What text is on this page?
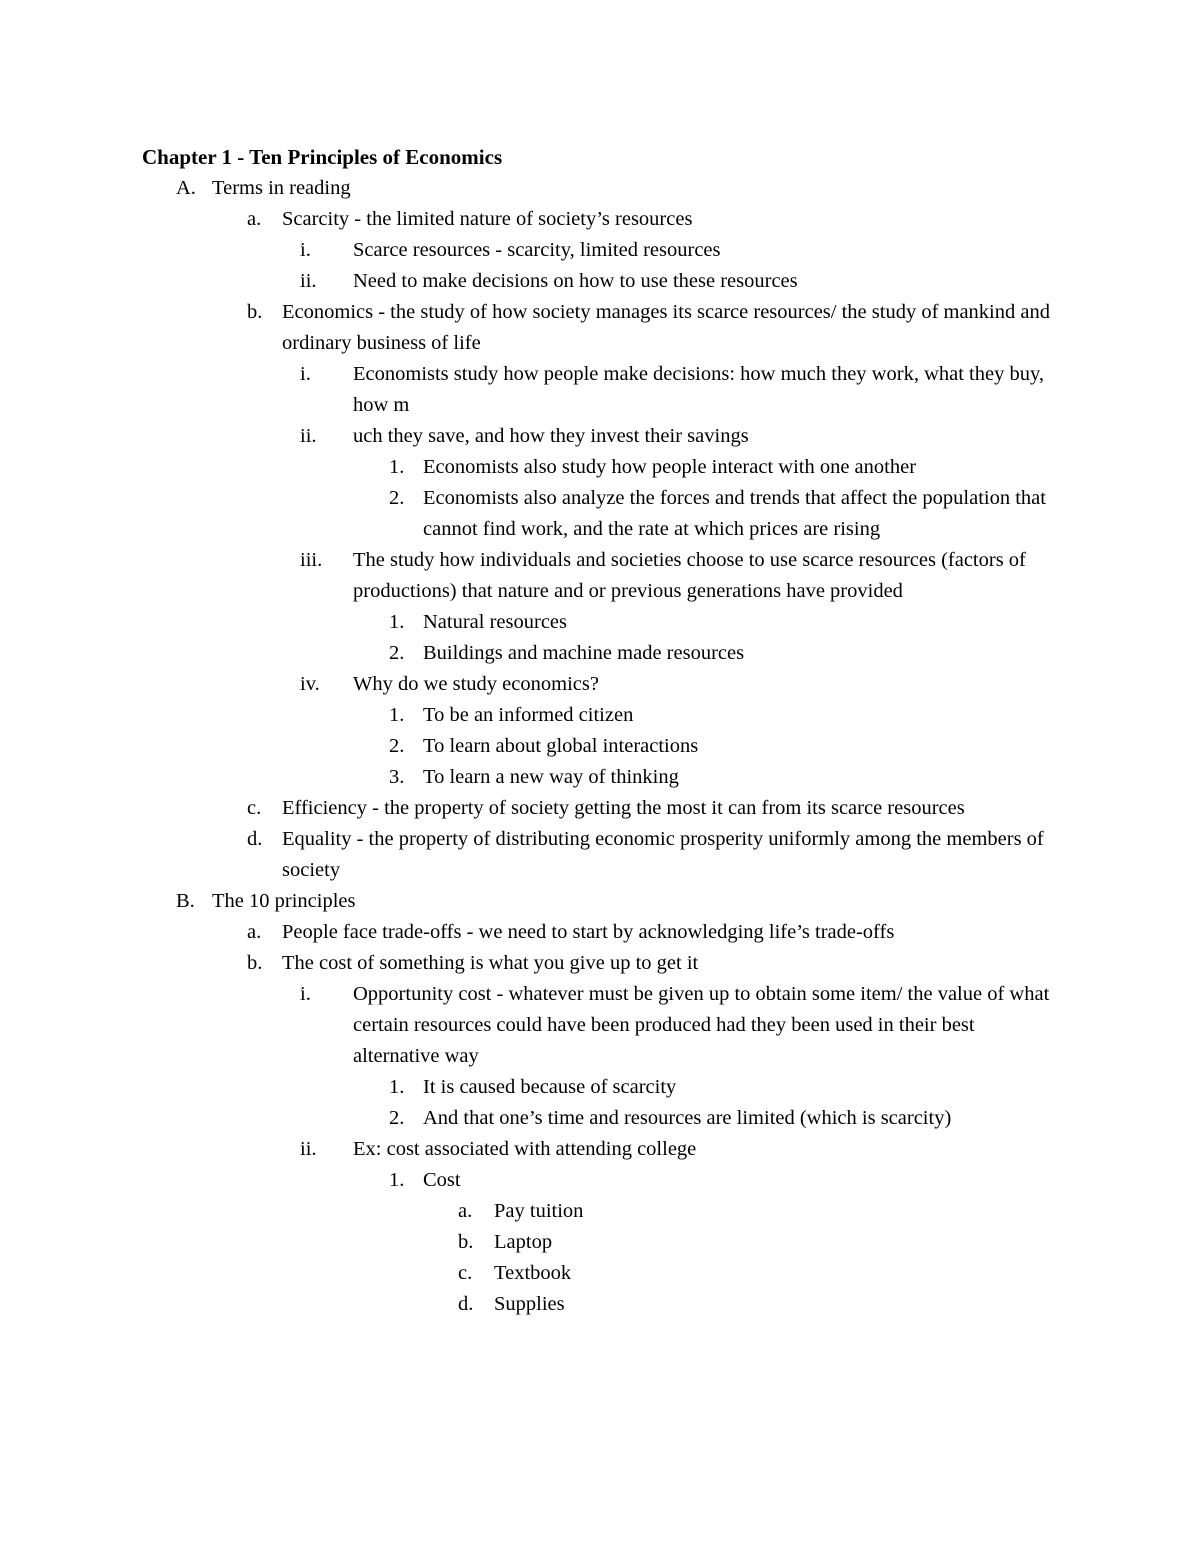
Chapter 1 - Ten Principles of Economics
A. Terms in reading
a. Scarcity - the limited nature of society’s resources
i. Scarce resources - scarcity, limited resources
ii. Need to make decisions on how to use these resources
b. Economics - the study of how society manages its scarce resources/ the study of mankind and ordinary business of life
i. Economists study how people make decisions: how much they work, what they buy, how m
ii. uch they save, and how they invest their savings
1. Economists also study how people interact with one another
2. Economists also analyze the forces and trends that affect the population that cannot find work, and the rate at which prices are rising
iii. The study how individuals and societies choose to use scarce resources (factors of productions) that nature and or previous generations have provided
1. Natural resources
2. Buildings and machine made resources
iv. Why do we study economics?
1. To be an informed citizen
2. To learn about global interactions
3. To learn a new way of thinking
c. Efficiency - the property of society getting the most it can from its scarce resources
d. Equality - the property of distributing economic prosperity uniformly among the members of society
B. The 10 principles
a. People face trade-offs - we need to start by acknowledging life’s trade-offs
b. The cost of something is what you give up to get it
i. Opportunity cost - whatever must be given up to obtain some item/ the value of what certain resources could have been produced had they been used in their best alternative way
1. It is caused because of scarcity
2. And that one’s time and resources are limited (which is scarcity)
ii. Ex: cost associated with attending college
1. Cost
a. Pay tuition
b. Laptop
c. Textbook
d. Supplies
